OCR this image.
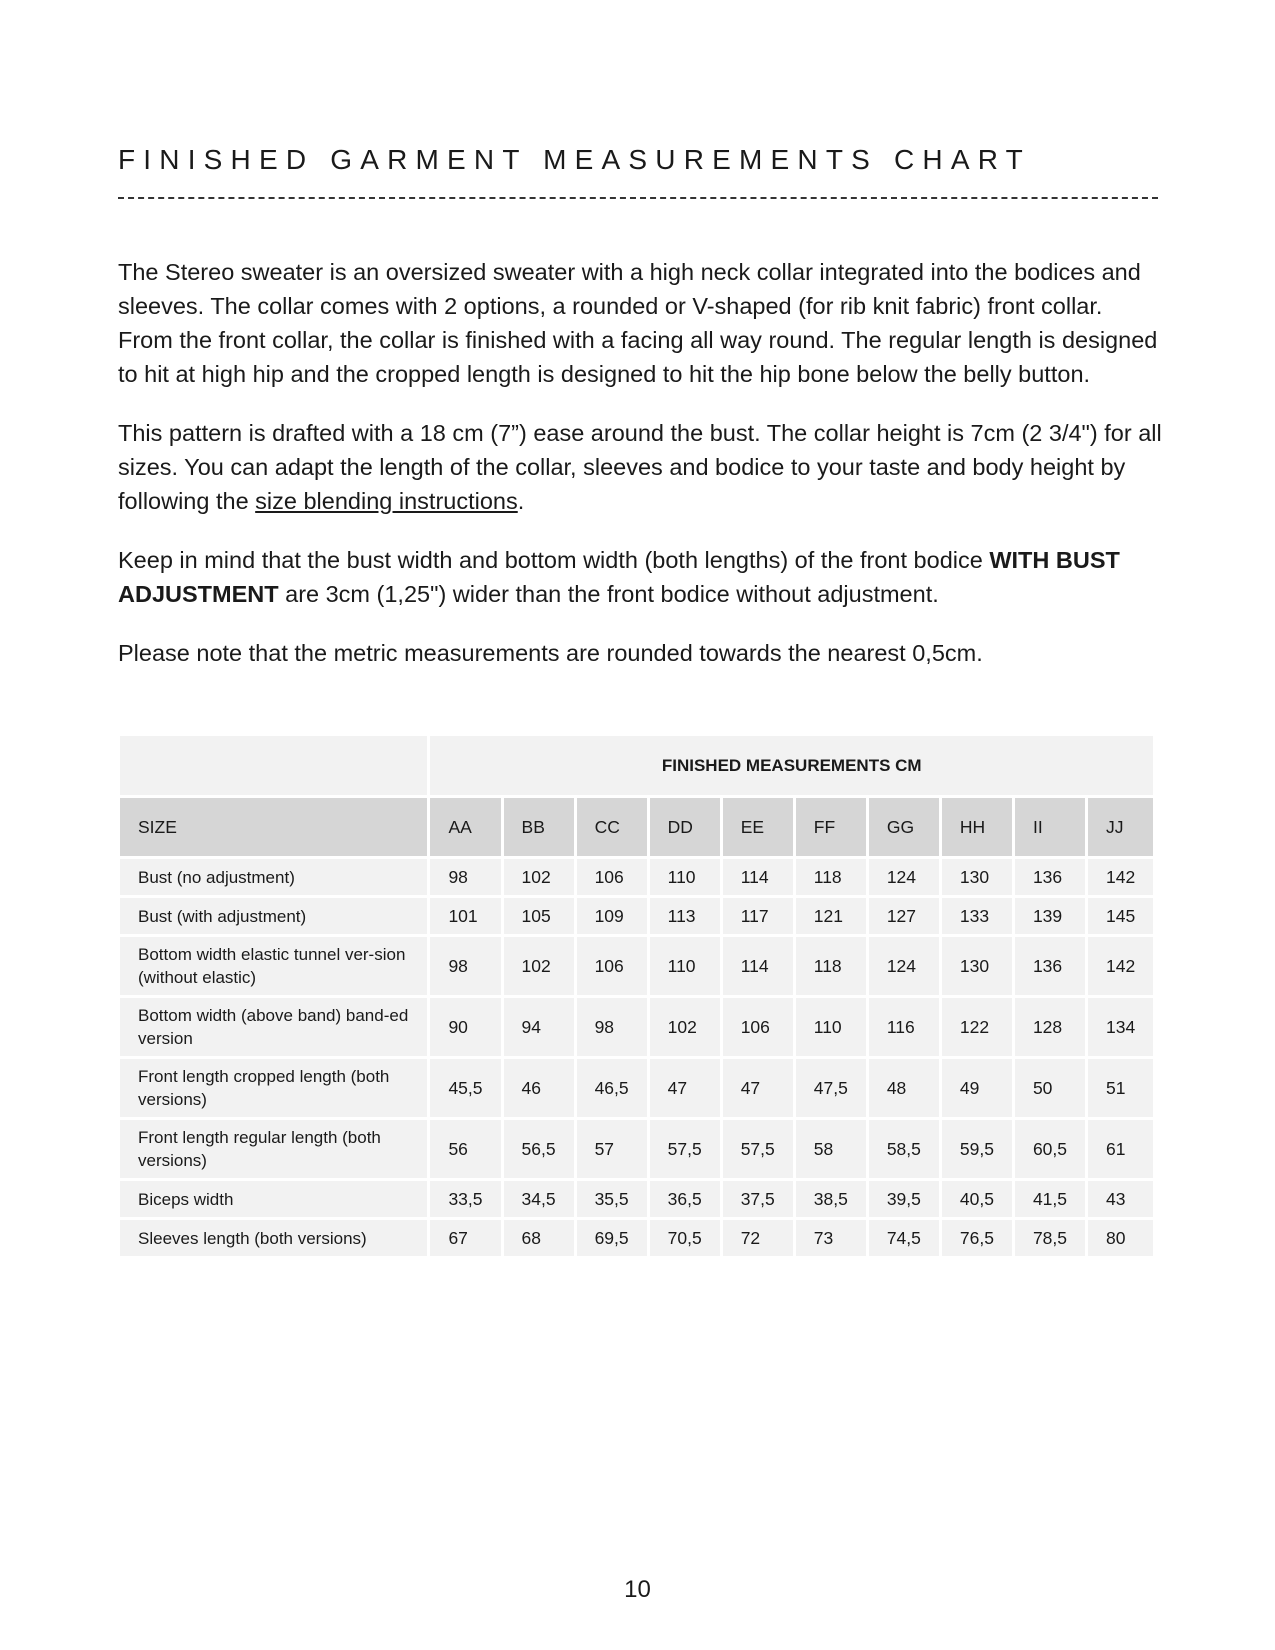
FINISHED GARMENT MEASUREMENTS CHART

The Stereo sweater is an oversized sweater with a high neck collar integrated into the bodices and sleeves. The collar comes with 2 options, a rounded or V-shaped (for rib knit fabric) front collar. From the front collar, the collar is finished with a facing all way round. The regular length is designed to hit at high hip and the cropped length is designed to hit the hip bone below the belly button.

This pattern is drafted with a 18 cm (7”) ease around the bust. The collar height is 7cm (2 3/4") for all sizes. You can adapt the length of the collar, sleeves and bodice to your taste and body height by following the size blending instructions.

Keep in mind that the bust width and bottom width (both lengths) of the front bodice WITH BUST ADJUSTMENT are 3cm (1,25") wider than the front bodice without adjustment.

Please note that the metric measurements are rounded towards the nearest 0,5cm.

	FINISHED MEASUREMENTS CM									
SIZE	AA	BB	CC	DD	EE	FF	GG	HH	II	JJ
Bust (no adjustment)	98	102	106	110	114	118	124	130	136	142
Bust (with adjustment)	101	105	109	113	117	121	127	133	139	145
Bottom width elastic tunnel ver-sion (without elastic)	98	102	106	110	114	118	124	130	136	142
Bottom width (above band) band-ed version	90	94	98	102	106	110	116	122	128	134
Front length cropped length (both versions)	45,5	46	46,5	47	47	47,5	48	49	50	51
Front length regular length (both versions)	56	56,5	57	57,5	57,5	58	58,5	59,5	60,5	61
Biceps width	33,5	34,5	35,5	36,5	37,5	38,5	39,5	40,5	41,5	43
Sleeves length (both versions)	67	68	69,5	70,5	72	73	74,5	76,5	78,5	80
10
